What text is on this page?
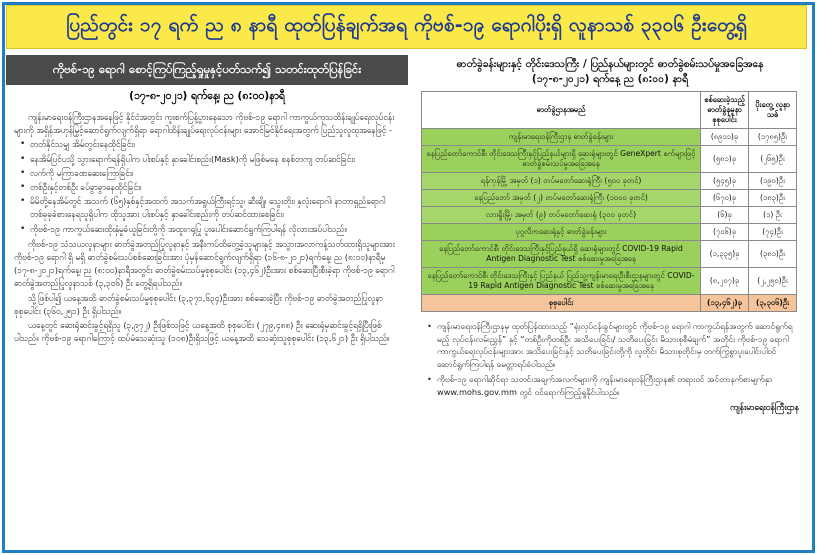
ပြည်တွင်း ၁၇ ရက် ည ၈ နာရီ ထုတ်ပြန်ချက်အရ ကိုဗစ်-၁၉ ရောဂါပိုးရှိ လူနာသစ် ၃၃၀၆ ဦးတွေ့ရှိ
ကိုဗစ်-၁၉ ရောဂါ စောင့်ကြပ်ကြည့်ရှုမှုနှင့်ပတ်သက်၍ သတင်းထုတ်ပြန်ခြင်း
(၁၇-၈-၂၀၂၁) ရက်နေ့၊ ည (၈:၀၀)နာရီ

ကျန်းမာရေးဝန်ကြီးဌာနအနေဖြင့် နိုင်ငံအတွင်း ကူးစက်ပြန့်ပွားနေသော ကိုဗစ်-၁၉ ရောဂါ ကာကွယ်ကုသထိန်းချုပ်ရေးလုပ်ငန်းများကို အရှိန်အဟုန်မြှင့်ဆောင်ရွက်လျက်ရှိရာ ရောဂါထိန်းချုပ်ရေးလုပ်ငန်းများ အောင်မြင်နိုင်ရေးအတွက် ပြည်သူလူထုအနေဖြင့် -

• တတ်နိုင်သမျှ အိမ်တွင်းနေထိုင်ခြင်း၊
• နေအိမ်ပြင်ပသို့ သွားရောက်ရန်ရှိပါက ပါးစပ်နှင့် နှာခေါင်းစည်း(Mask)ကို မဖြစ်မနေ စနစ်တကျ တပ်ဆင်ခြင်း၊
• လက်ကို မကြာခဏဆေးကြောခြင်း၊
• တစ်ဦးနှင့်တစ်ဦး ခပ်ခွာခွာနေထိုင်ခြင်း၊
• မိမိတို့နေအိမ်တွင် အသက် (၆၅)နှစ်နှင့်အထက် အသက်အရွယ်ကြီးရင့်သူ၊ ဆီးချို၊ သွေးတိုး၊ နှလုံးရောဂါ၊ နာတာရှည်ရောဂါတစ်ခုခုခံစားနေရသူရှိပါက ထိုသူအား ပါးစပ်နှင့် နှာခေါင်းစည်းကို တပ်ဆင်ထားစေခြင်း၊
• ကိုဗစ်-၁၉ ကာကွယ်ဆေးထိုးနှံမှုခံယူခြင်းတို့ကို အထူးဂရုပြု ပူးပေါင်းဆောင်ရွက်ကြပါရန် လိုလားအပ်ပါသည်။

ကိုဗစ်-၁၉ သံသယလူနာများ ဓာတ်ခွဲအတည်ပြုလူနာနှင့် အနီးကပ်ထိတွေ့ခဲ့သူများနှင့် အသွားအလာကန့်သတ်ထားရှိသူများအား ကိုဗစ်-၁၉ ရောဂါ ရှိ မရှိ ဓာတ်ခွဲစမ်းသပ်စစ်ဆေးခြင်းအား ပုံမှန်ဆောင်ရွက်လျက်ရှိရာ (၁၆-၈-၂၀၂၁)ရက်နေ့၊ ည (၈:၀၀)နာရီမှ (၁၇-၈-၂၀၂၁)ရက်နေ့၊ ည (၈:၀၀)နာရီအတွင်း ဓာတ်ခွဲစမ်းသပ်မှုစုစုပေါင်း (၁၃,၄၆၂)ဦးအား စစ်ဆေးပြီးစီးခဲ့ရာ ကိုဗစ်-၁၉ ရောဂါ ဓာတ်ခွဲအတည်ပြုလူနာသစ် (၃,၃၀၆) ဦး တွေ့ရှိရပါသည်။

သို့ဖြစ်ပါ၍ ယနေ့အထိ ဓာတ်ခွဲစမ်းသပ်မှုစုစုပေါင်း (၃,၃၇၁,၆၃၄)ဦးအား စစ်ဆေးခဲ့ပြီး ကိုဗစ်-၁၉ ဓာတ်ခွဲအတည်ပြုလူနာ စုစုပေါင်း (၃၆၀,၂၅၁) ဦး ရှိပါသည်။

ယနေ့တွင် ဆေးရုံဆင်းခွင့်ရရှိသူ (၃,၉၇၂) ဦးဖြစ်သဖြင့် ယနေ့အထိ စုစုပေါင်း (၂၇၉,၄၈၈) ဦး ဆေးရုံမှဆင်းခွင့်ရရှိပြီးဖြစ်ပါသည်။ ကိုဗစ်-၁၉ ရောဂါကြောင့် ထပ်မံသေဆုံးသူ (၁၀၈)ဦးရှိသဖြင့် ယနေ့အထိ သေဆုံးသူစုစုပေါင်း (၁၃,၆၂၁) ဦး ရှိပါသည်။

ဓာတ်ခွဲခန်းများနှင့် တိုင်းဒေသကြီး / ပြည်နယ်များတွင် ဓာတ်ခွဲစမ်းသပ်မှုအခြေအနေ
(၁၇-၈-၂၀၂၁) ရက်နေ့ ည (၈:၀၀) နာရီ
ဓာတ်ခွဲဌာနအမည်	စစ်ဆေးခဲ့သည့် ဓာတ်ခွဲနမူနာ စုစုပေါင်း	ပိုးတွေ့ လူနာသစ်
ကျန်းမာရေးဝန်ကြီးဌာန ဓာတ်ခွဲခန်းများ	(၈၉၁၁)ခု	(၁၇၈၅)ဦး
နေပြည်တော်ကောင်စီ၊ တိုင်းဒေသကြီးနှင့်ပြည်နယ်များရှိ ဆေးရုံများတွင် GeneXpert စက်များဖြင့် ဓာတ်ခွဲစမ်းသပ်မှုအခြေအနေ	(၅၈၁)ခု	(၂၆၅)ဦး
ရန်ကုန်မြို့ အမှတ် (၁) တပ်မတော်ဆေးရုံကြီး (၅၀၀ ခုတင်)	(၅၄၅)ခု	(၁၉၀)ဦး
နေပြည်တော် အမှတ် (၂) တပ်မတော်ဆေးရုံကြီး (၁၀၀၀ ခုတင်)	(၆၇၀)ခု	(၁၈၃)ဦး
လားရှိုးမြို့၊ အမှတ် (၉) တပ်မတော်ဆေးရုံ (၃၀၀ ခုတင်)	(၆)ခု	(၁) ဦး
ပုဂ္ဂလိကဆေးရုံနှင့် ဓာတ်ခွဲခန်းများ	(၇၀၆)ခု	(၇၄)ဦး
နေပြည်တော်ကောင်စီ၊ တိုင်းဒေသကြီးနှင့်ပြည်နယ်ရှိ ဆေးရုံများတွင် COVID-19 Rapid Antigen Diagnostic Test စစ်ဆေးမှုအခြေအနေ	(၁,၃၃၅)ခု	(၃၈၁)ဦး
နေပြည်တော်ကောင်စီ၊ တိုင်းဒေသကြီးနှင့် ပြည်နယ် ပြည်သူ့ကျန်းမာရေးဦးစီးဌာနများတွင် COVID-19 Rapid Antigen Diagnostic Test စစ်ဆေးမှုအခြေအနေ	(၈,၂၀၇)ခု	(၂,၂၅၀)ဦး
စုစုပေါင်း	(၁၃,၄၆၂)ခု	(၃,၃၀၆)ဦး
• ကျန်းမာရေးဝန်ကြီးဌာနမှ ထုတ်ပြန်ထားသည့် “ရုံးလုပ်ငန်းခွင်များတွင် ကိုဗစ်-၁၉ ရောဂါ ကာကွယ်ရန်အတွက် ဆောင်ရွက်ရမည့် လုပ်ငန်းလမ်းညွှန်” နှင့် “တစ်ဦးကိုတစ်ဦး အသိပေးခြင်း/ သတိပေးခြင်း မိသားစုစီမံချက်” အတိုင်း ကိုဗစ်-၁၉ ရောဂါ ကာကွယ်ရေးလုပ်ငန်းများအား အသိပေးခြင်းနှင့် သတိပေးခြင်းတို့ကို လူတိုင်း မိသားစုတိုင်းမှ တက်ကြွစွာပူးပေါင်းပါဝင် ဆောင်ရွက်ကြပါရန် မေတ္တာရပ်ခံပါသည်။
• ကိုဗစ်-၁၉ ရောဂါဆိုင်ရာ သတင်းအချက်အလက်များကို ကျန်းမာရေးဝန်ကြီးဌာန၏ တရားဝင် အင်တာနက်စာမျက်နှာ www.mohs.gov.mm တွင် ဝင်ရောက်ကြည့်ရှုနိုင်ပါသည်။
ကျန်းမာရေးဝန်ကြီးဌာန
